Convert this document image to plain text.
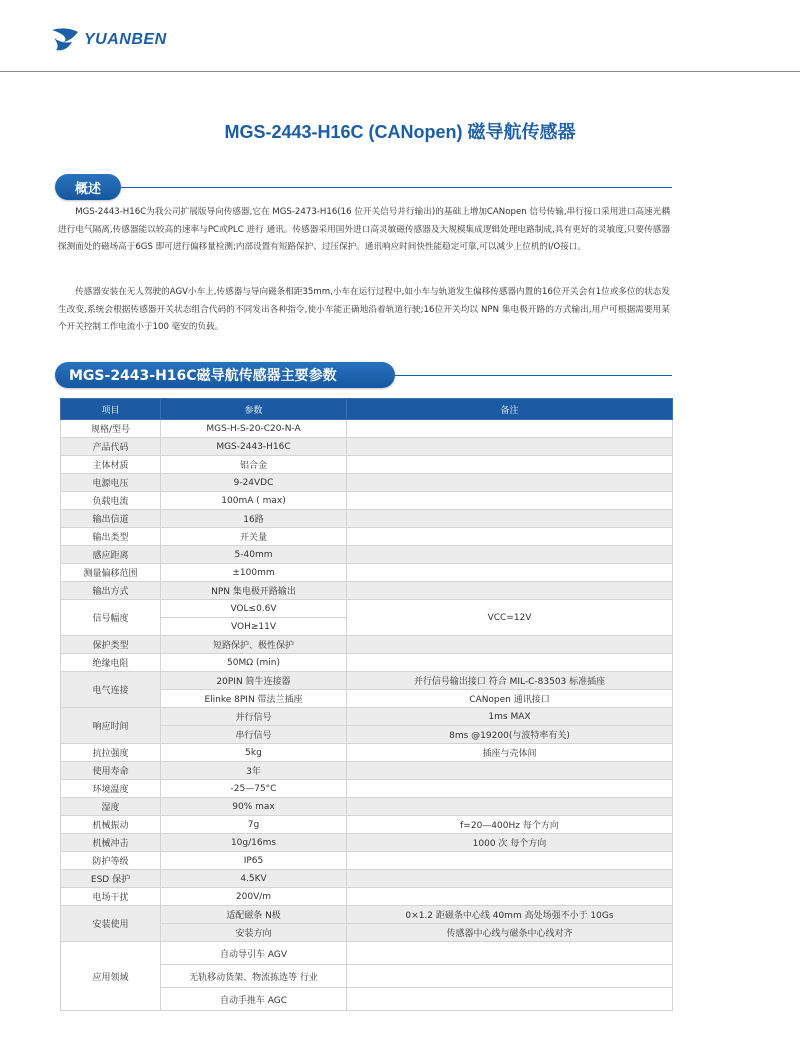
YUANBEN
MGS-2443-H16C (CANopen) 磁导航传感器
概述
MGS-2443-H16C为我公司扩展版导向传感器,它在 MGS-2473-H16(16 位开关信号并行输出)的基础上增加CANopen 信号传输,串行接口采用进口高速光耦进行电气隔离,传感器能以较高的速率与PC或PLC 进行 通讯。传感器采用国外进口高灵敏磁传感器及大规模集成逻辑处理电路制成,具有更好的灵敏度,只要传感器探测面处的磁场高于6GS 即可进行偏移量检测;内部设置有短路保护、过压保护。通讯响应时间快性能稳定可靠,可以减少上位机的I/O接口。
传感器安装在无人驾驶的AGV小车上,传感器与导向磁条相距35mm,小车在运行过程中,如小车与轨道发生偏移传感器内置的16位开关会有1位或多位的状态发生改变,系统会根据传感器开关状态组合代码的不同发出各种指令,使小车能正确地沿着轨道行驶;16位开关均以 NPN 集电极开路的方式输出,用户可根据需要用某 个开关控制工作电流小于100 毫安的负载。
MGS-2443-H16C磁导航传感器主要参数
项目	参数	备注
规格/型号	MGS-H-S-20-C20-N-A	
产品代码	MGS-2443-H16C	
主体材质	铝合金	
电源电压	9-24VDC	
负载电流	100mA ( max)	
输出信道	16路	
输出类型	开关量	
感应距离	5-40mm	
测量偏移范围	±100mm	
输出方式	NPN 集电极开路输出	
信号幅度	VOL≤0.6V	VCC=12V
	VOH≥11V	
保护类型	短路保护、极性保护	
绝缘电阻	50MΩ (min)	
电气连接	20PIN 简牛连接器	并行信号输出接口 符合 MIL-C-83503 标准插座
	Elinke 8PIN 带法兰插座	CANopen 通讯接口
响应时间	并行信号	1ms MAX
	串行信号	8ms @19200(与波特率有关)
抗拉强度	5kg	插座与壳体间
使用寿命	3年	
环境温度	-25—75°C	
湿度	90% max	
机械振动	7g	f=20—400Hz 每个方向
机械冲击	10g/16ms	1000 次 每个方向
防护等级	IP65	
ESD 保护	4.5KV	
电场干扰	200V/m	
安装使用	适配磁条 N极	0×1.2 距磁条中心线 40mm 高处场强不小于 10Gs
	安装方向	传感器中心线与磁条中心线对齐
应用领域	自动导引车 AGV	
	无轨移动货架、物流拣选等 行业	
	自动手推车 AGC	
